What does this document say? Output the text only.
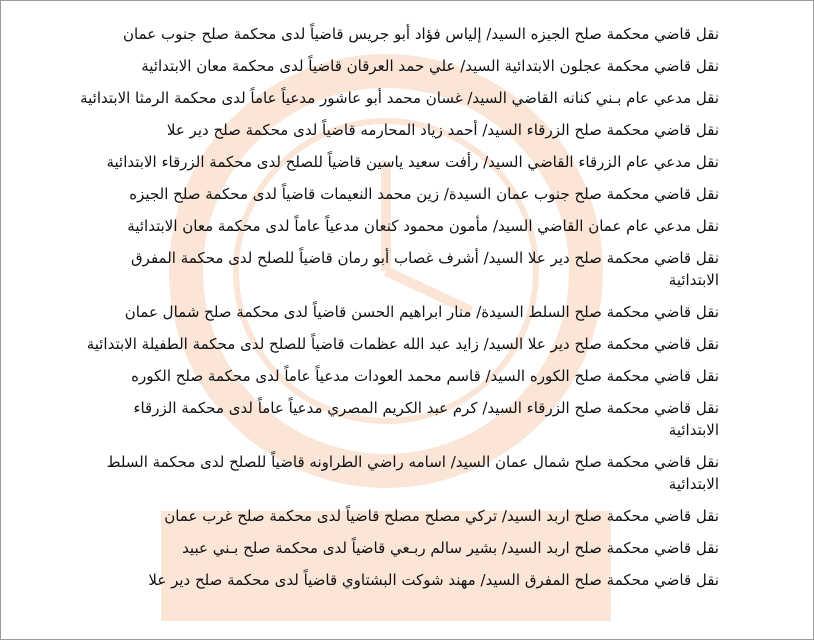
نقل قاضي محكمة صلح الجيزه السيد/ إلياس فؤاد أبو جريس قاضياً لدى محكمة صلح جنوب عمان
نقل قاضي محكمة عجلون الابتدائية السيد/ علي حمد العرقان قاضياً لدى محكمة معان الابتدائية
نقل مدعي عام بـني كنانه القاضي السيد/ غسان محمد أبو عاشور مدعياً عاماً لدى محكمة الرمثا الابتدائية
نقل قاضي محكمة صلح الزرقاء السيد/ أحمد زياد المحارمه قاضياً لدى محكمة صلح دير علا
نقل مدعي عام الزرقاء القاضي السيد/ رأفت سعيد ياسين قاضياً للصلح لدى محكمة الزرقاء الابتدائية
نقل قاضي محكمة صلح جنوب عمان السيدة/ زين محمد النعيمات قاضياً لدى محكمة صلح الجيزه
نقل مدعي عام عمان القاضي السيد/ مأمون محمود كنعان مدعياً عاماً لدى محكمة معان الابتدائية
نقل قاضي محكمة صلح دير علا السيد/ أشرف غصاب أبو رمان قاضياً للصلح لدى محكمة المفرق الابتدائية
نقل قاضي محكمة صلح السلط السيدة/ منار ابراهيم الحسن قاضياً لدى محكمة صلح شمال عمان
نقل قاضي محكمة صلح دير علا السيد/ زايد عبد الله عظمات قاضياً للصلح لدى محكمة الطفيلة الابتدائية
نقل قاضي محكمة صلح الكوره السيد/ قاسم محمد العودات مدعياً عاماً لدى محكمة صلح الكوره
نقل قاضي محكمة صلح الزرقاء السيد/ كرم عبد الكريم المصري مدعياً عاماً لدى محكمة الزرقاء الابتدائية
نقل قاضي محكمة صلح شمال عمان السيد/ اسامه راضي الطراونه قاضياً للصلح لدى محكمة السلط الابتدائية
نقل قاضي محكمة صلح اربد السيد/ تركي مصلح مصلح قاضياً لدى محكمة صلح غرب عمان
نقل قاضي محكمة صلح اربد السيد/ بشير سالم ربـعي قاضياً لدى محكمة صلح بـني عبيد
نقل قاضي محكمة صلح المفرق السيد/ مهند شوكت البشتاوي قاضياً لدى محكمة صلح دير علا
